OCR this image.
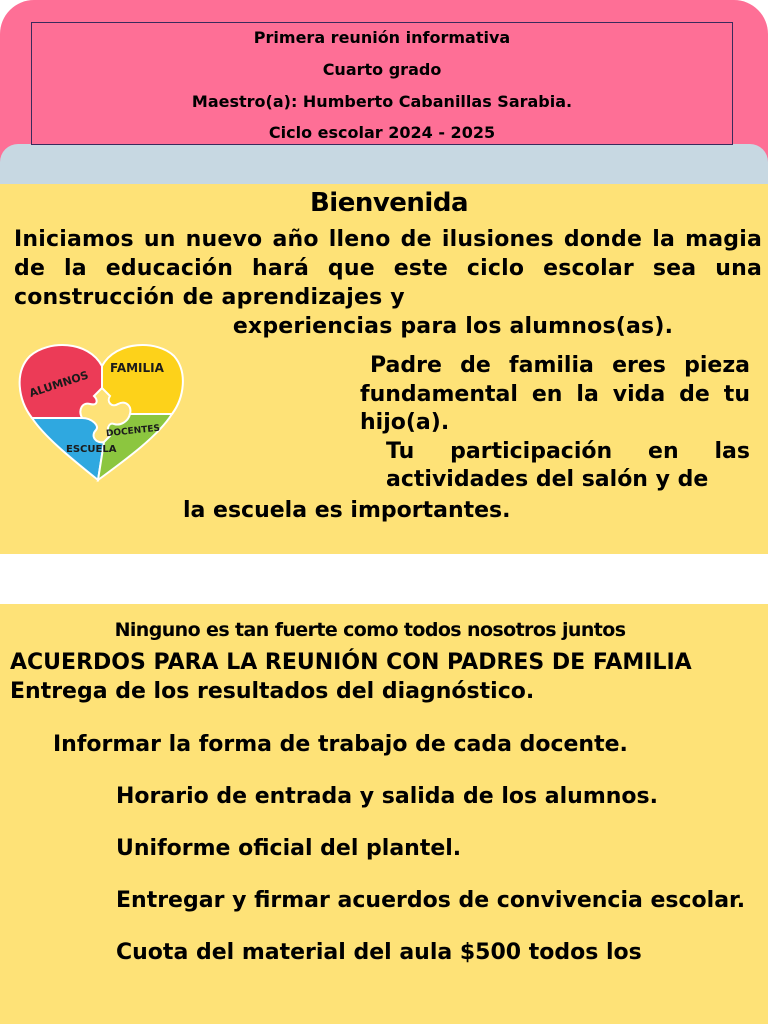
Primera reunión informativa
Cuarto grado
Maestro(a): Humberto Cabanillas Sarabia.
Ciclo escolar 2024 - 2025
Bienvenida
Iniciamos un nuevo año lleno de ilusiones donde la magia de la educación hará que este ciclo escolar sea una construcción de aprendizajes y
experiencias para los alumnos(as).
ALUMNOS
FAMILIA
ESCUELA
DOCENTES
Padre de familia eres pieza fundamental en la vida de tu hijo(a).
Tu participación en las actividades del salón y de
la escuela es importantes.
Ninguno es tan fuerte como todos nosotros juntos
ACUERDOS PARA LA REUNIÓN CON PADRES DE FAMILIA
Entrega de los resultados del diagnóstico.
Informar la forma de trabajo de cada docente.
Horario de entrada y salida de los alumnos.
Uniforme oficial del plantel.
Entregar y firmar acuerdos de convivencia escolar.
Cuota del material del aula $500 todos los
